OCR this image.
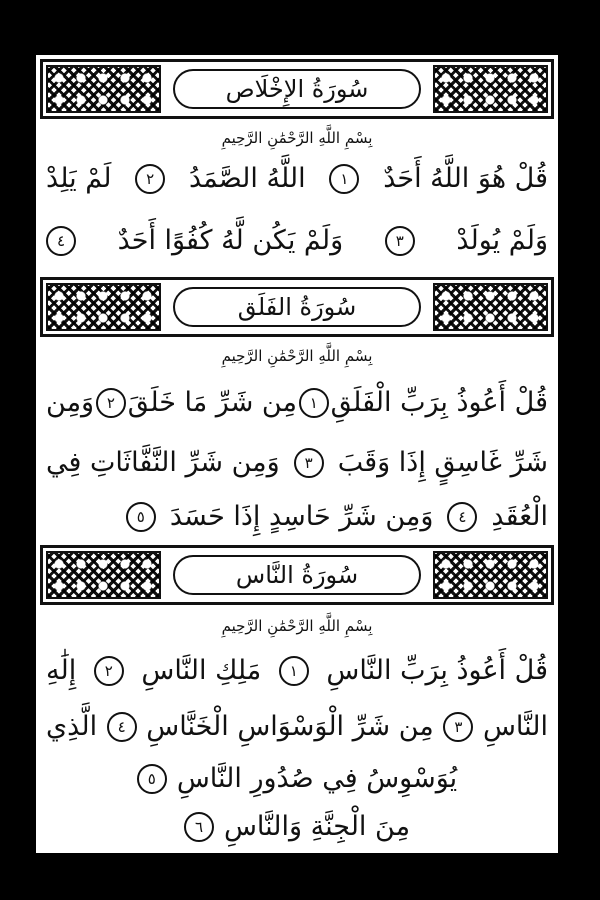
سُورَةُ الإِخْلَاص
بِسْمِ اللَّهِ الرَّحْمَٰنِ الرَّحِيمِ
قُلْ هُوَ اللَّهُ أَحَدٌ
١
اللَّهُ الصَّمَدُ
٢
لَمْ يَلِدْ
وَلَمْ يُولَدْ
٣
وَلَمْ يَكُن لَّهُ كُفُوًا أَحَدٌ
٤
سُورَةُ الفَلَق
بِسْمِ اللَّهِ الرَّحْمَٰنِ الرَّحِيمِ
قُلْ أَعُوذُ بِرَبِّ الْفَلَقِ
١
مِن شَرِّ مَا خَلَقَ
٢
وَمِن
شَرِّ غَاسِقٍ إِذَا وَقَبَ
٣
وَمِن شَرِّ النَّفَّاثَاتِ فِي
الْعُقَدِ
٤
وَمِن شَرِّ حَاسِدٍ إِذَا حَسَدَ
٥
سُورَةُ النَّاس
بِسْمِ اللَّهِ الرَّحْمَٰنِ الرَّحِيمِ
قُلْ أَعُوذُ بِرَبِّ النَّاسِ
١
مَلِكِ النَّاسِ
٢
إِلَٰهِ
النَّاسِ
٣
مِن شَرِّ الْوَسْوَاسِ الْخَنَّاسِ
٤
الَّذِي
يُوَسْوِسُ فِي صُدُورِ النَّاسِ
٥
مِنَ الْجِنَّةِ وَالنَّاسِ
٦
